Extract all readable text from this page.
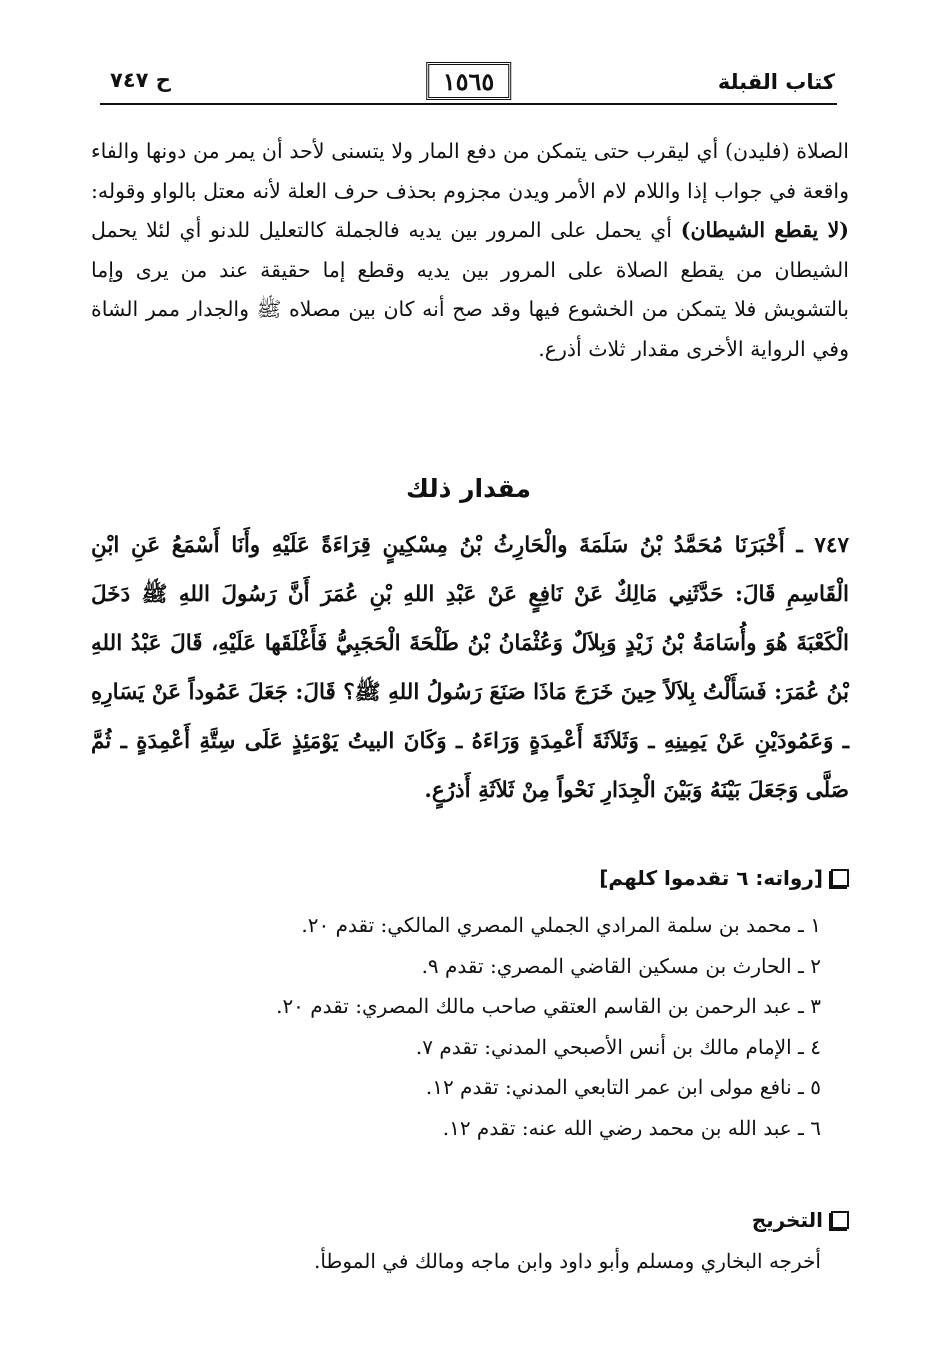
كتاب القبلة
١٥٦٥
ح ٧٤٧

الصلاة (فليدن) أي ليقرب حتى يتمكن من دفع المار ولا يتسنى لأحد أن يمر من دونها والفاء واقعة في جواب إذا واللام لام الأمر ويدن مجزوم بحذف حرف العلة لأنه معتل بالواو وقوله: (لا يقطع الشيطان) أي يحمل على المرور بين يديه فالجملة كالتعليل للدنو أي لئلا يحمل الشيطان من يقطع الصلاة على المرور بين يديه وقطع إما حقيقة عند من يرى وإما بالتشويش فلا يتمكن من الخشوع فيها وقد صح أنه كان بين مصلاه ﷺ والجدار ممر الشاة وفي الرواية الأخرى مقدار ثلاث أذرع.

مقدار ذلك

٧٤٧ ـ أَخْبَرَنَا مُحَمَّدُ بْنُ سَلَمَةَ والْحَارِثُ بْنُ مِسْكِينٍ قِرَاءَةً عَلَيْهِ وأَنَا أَسْمَعُ عَنِ ابْنِ الْقَاسِمِ قَالَ: حَدَّثَنِي مَالِكٌ عَنْ نَافِعٍ عَنْ عَبْدِ اللهِ بْنِ عُمَرَ أَنَّ رَسُولَ اللهِ ﷺ دَخَلَ الْكَعْبَةَ هُوَ وأُسَامَةُ بْنُ زَيْدٍ وَبِلاَلٌ وَعُثْمَانُ بْنُ طَلْحَةَ الْحَجَبِيُّ فَأَغْلَقَها عَلَيْهِ، قَالَ عَبْدُ اللهِ بْنُ عُمَرَ: فَسَأَلْتُ بِلاَلاً حِينَ خَرَجَ مَاذَا صَنَعَ رَسُولُ اللهِ ﷺ؟ قَالَ: جَعَلَ عَمُوداً عَنْ يَسَارِهِ ـ وَعَمُودَيْنِ عَنْ يَمِينِهِ ـ وَثَلاَثَةَ أَعْمِدَةٍ وَرَاءَهُ ـ وَكَانَ البيتُ يَوْمَئِذٍ عَلَى سِتَّةِ أَعْمِدَةٍ ـ ثُمَّ صَلَّى وَجَعَلَ بَيْنَهُ وَبَيْنَ الْجِدَارِ نَحْواً مِنْ ثَلاَثَةِ أَذرُعٍ.

[رواته: ٦ تقدموا كلهم]
١ ـ محمد بن سلمة المرادي الجملي المصري المالكي: تقدم ٢٠.
٢ ـ الحارث بن مسكين القاضي المصري: تقدم ٩.
٣ ـ عبد الرحمن بن القاسم العتقي صاحب مالك المصري: تقدم ٢٠.
٤ ـ الإمام مالك بن أنس الأصبحي المدني: تقدم ٧.
٥ ـ نافع مولى ابن عمر التابعي المدني: تقدم ١٢.
٦ ـ عبد الله بن محمد رضي الله عنه: تقدم ١٢.
التخريج

أخرجه البخاري ومسلم وأبو داود وابن ماجه ومالك في الموطأ.
